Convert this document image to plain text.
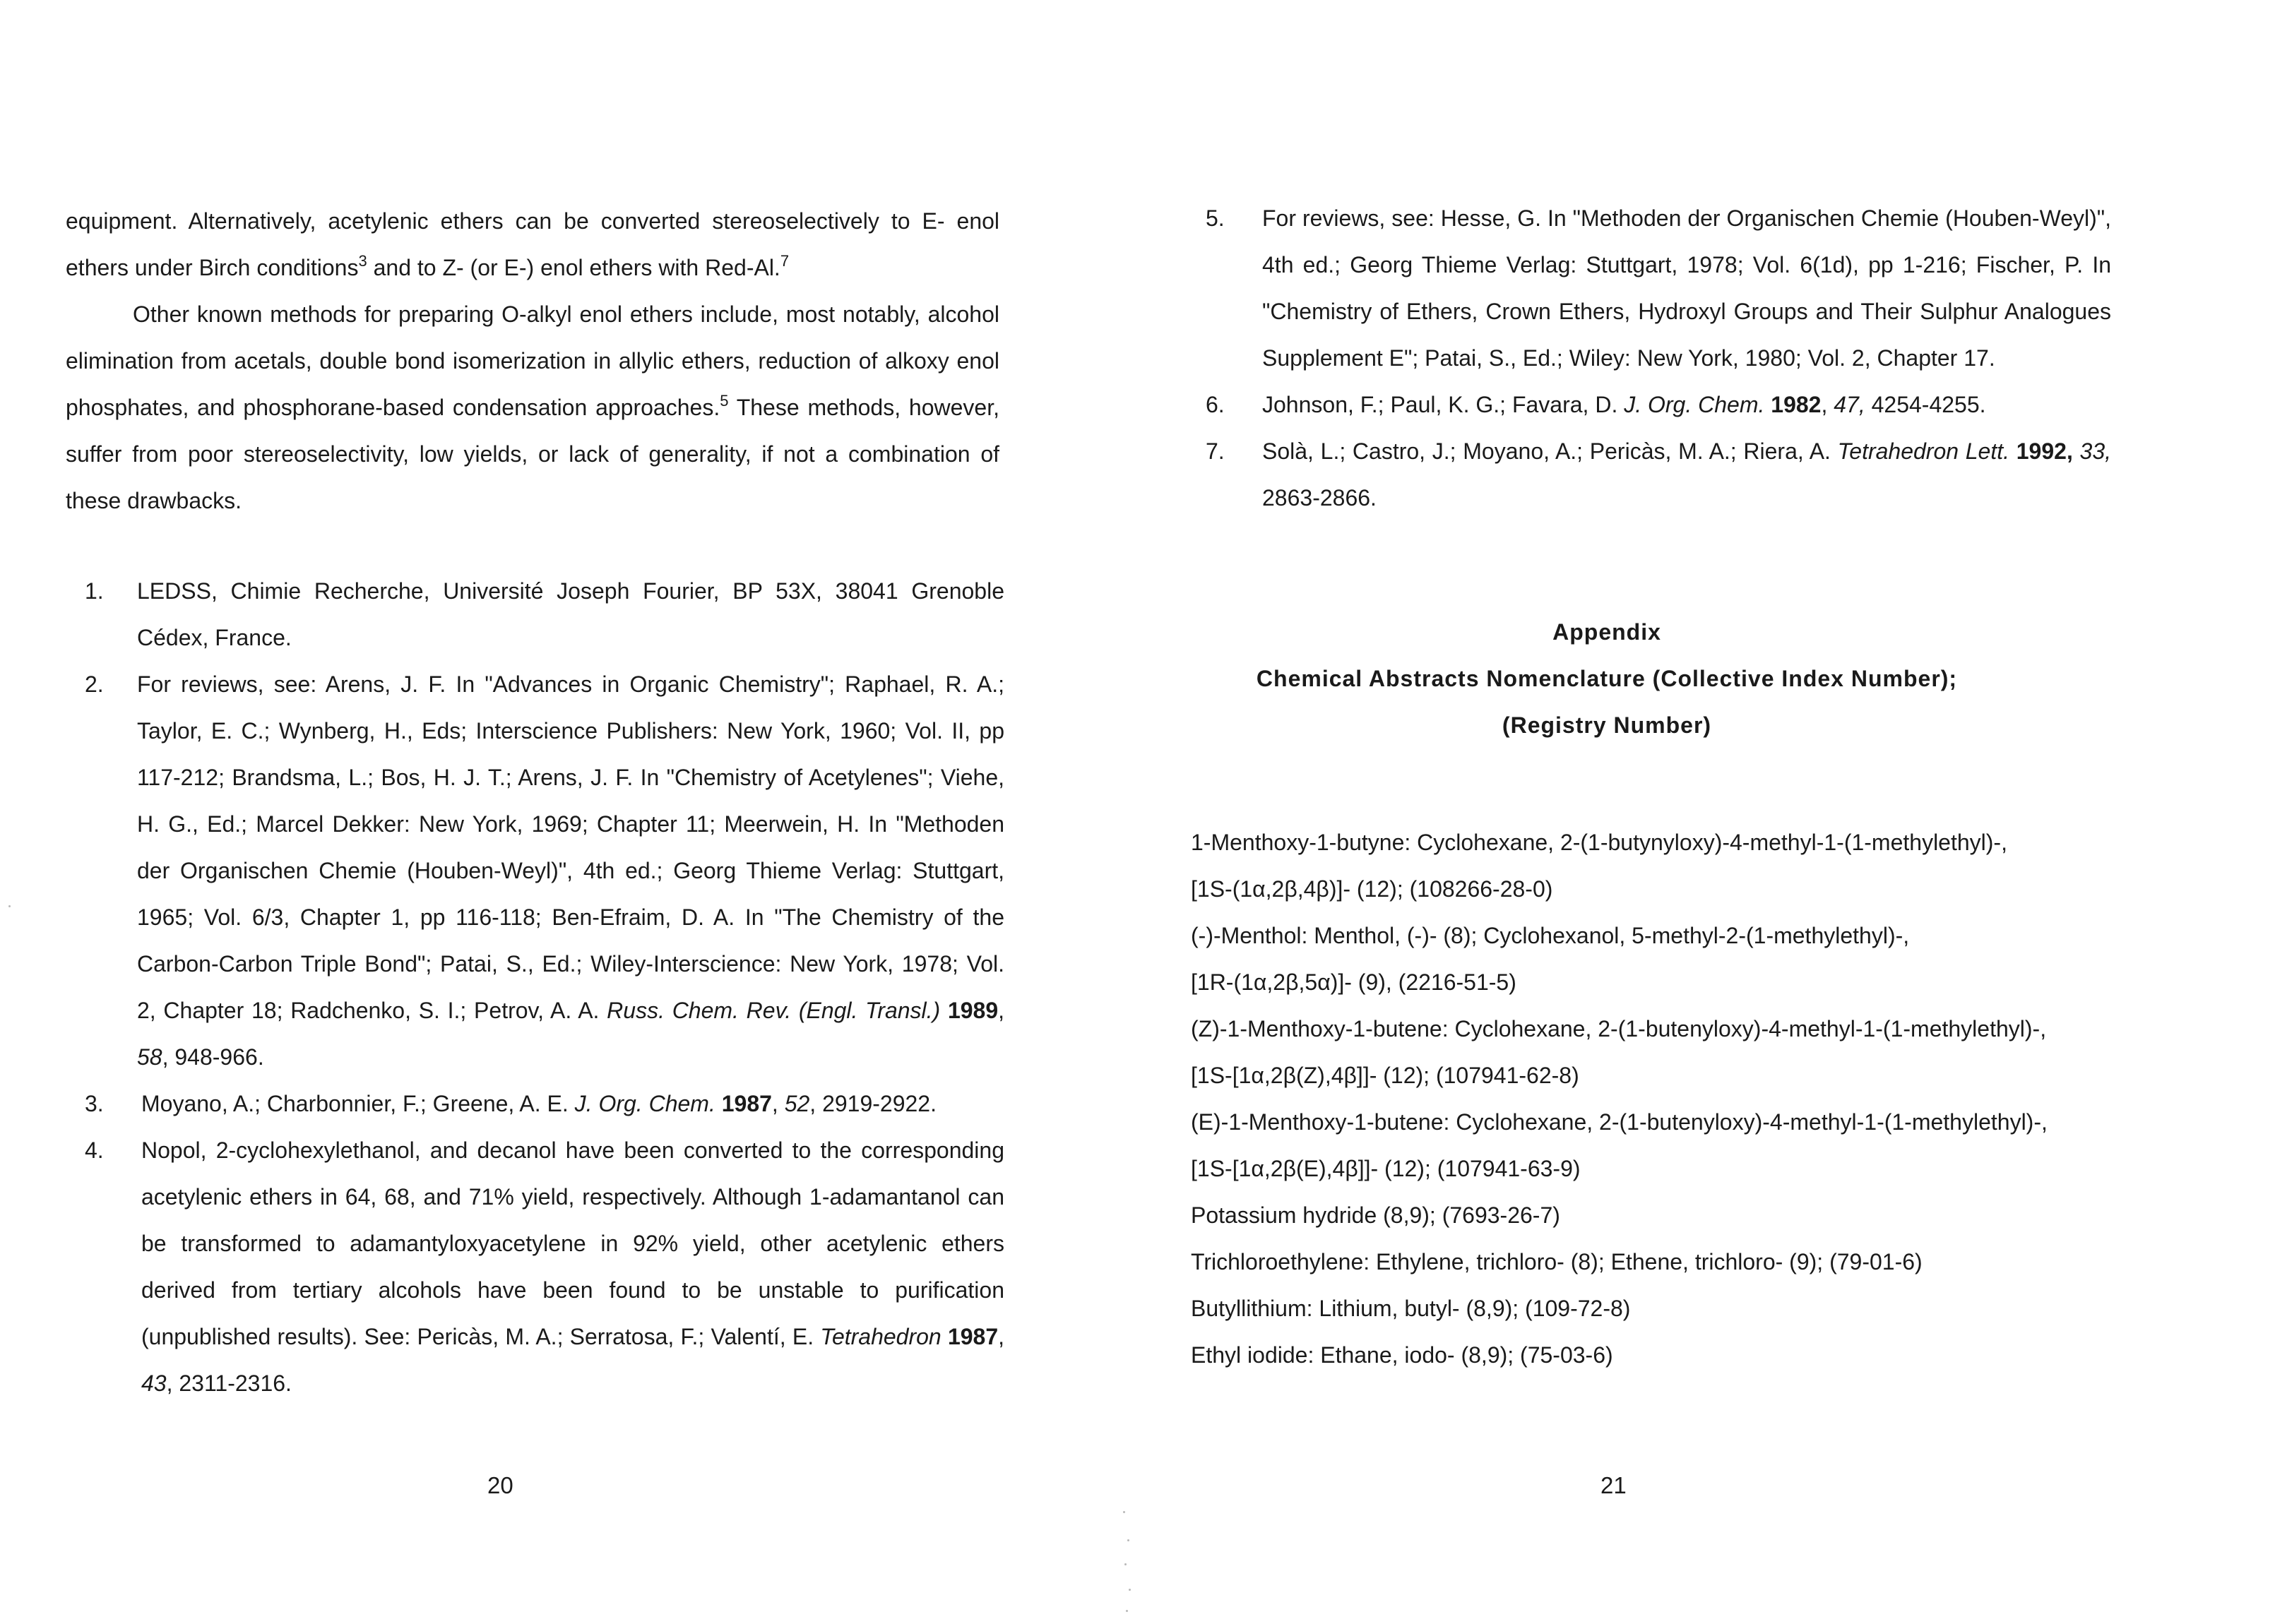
equipment. Alternatively, acetylenic ethers can be converted stereoselectively to E- enol ethers under Birch conditions$^3$ and to Z- (or E-) enol ethers with Red-Al.$^7$

Other known methods for preparing O-alkyl enol ethers include, most notably, alcohol elimination from acetals, double bond isomerization in allylic ethers, reduction of alkoxy enol phosphates, and phosphorane-based condensation approaches.$^5$ These methods, however, suffer from poor stereoselectivity, low yields, or lack of generality, if not a combination of these drawbacks.

1. LEDSS, Chimie Recherche, Université Joseph Fourier, BP 53X, 38041 Grenoble Cédex, France.
2. For reviews, see: Arens, J. F. In "Advances in Organic Chemistry"; Raphael, R. A.; Taylor, E. C.; Wynberg, H., Eds; Interscience Publishers: New York, 1960; Vol. II, pp 117-212; Brandsma, L.; Bos, H. J. T.; Arens, J. F. In "Chemistry of Acetylenes"; Viehe, H. G., Ed.; Marcel Dekker: New York, 1969; Chapter 11; Meerwein, H. In "Methoden der Organischen Chemie (Houben-Weyl)", 4th ed.; Georg Thieme Verlag: Stuttgart, 1965; Vol. 6/3, Chapter 1, pp 116-118; Ben-Efraim, D. A. In "The Chemistry of the Carbon-Carbon Triple Bond"; Patai, S., Ed.; Wiley-Interscience: New York, 1978; Vol. 2, Chapter 18; Radchenko, S. I.; Petrov, A. A. Russ. Chem. Rev. (Engl. Transl.) 1989, 58, 948-966.
3. Moyano, A.; Charbonnier, F.; Greene, A. E. J. Org. Chem. 1987, 52, 2919-2922.
4. Nopol, 2-cyclohexylethanol, and decanol have been converted to the corresponding acetylenic ethers in 64, 68, and 71% yield, respectively. Although 1-adamantanol can be transformed to adamantyloxyacetylene in 92% yield, other acetylenic ethers derived from tertiary alcohols have been found to be unstable to purification (unpublished results). See: Pericàs, M. A.; Serratosa, F.; Valentí, E. Tetrahedron 1987, 43, 2311-2316.
20
5. For reviews, see: Hesse, G. In "Methoden der Organischen Chemie (Houben-Weyl)", 4th ed.; Georg Thieme Verlag: Stuttgart, 1978; Vol. 6(1d), pp 1-216; Fischer, P. In "Chemistry of Ethers, Crown Ethers, Hydroxyl Groups and Their Sulphur Analogues Supplement E"; Patai, S., Ed.; Wiley: New York, 1980; Vol. 2, Chapter 17.
6. Johnson, F.; Paul, K. G.; Favara, D. J. Org. Chem. 1982, 47, 4254-4255.
7. Solà, L.; Castro, J.; Moyano, A.; Pericàs, M. A.; Riera, A. Tetrahedron Lett. 1992, 33, 2863-2866.
Appendix
Chemical Abstracts Nomenclature (Collective Index Number);
(Registry Number)
1-Menthoxy-1-butyne: Cyclohexane, 2-(1-butynyloxy)-4-methyl-1-(1-methylethyl)-,
[1S-(1α,2β,4β)]- (12); (108266-28-0)
(-)-Menthol: Menthol, (-)- (8); Cyclohexanol, 5-methyl-2-(1-methylethyl)-,
[1R-(1α,2β,5α)]- (9), (2216-51-5)
(Z)-1-Menthoxy-1-butene: Cyclohexane, 2-(1-butenyloxy)-4-methyl-1-(1-methylethyl)-,
[1S-[1α,2β(Z),4β]]- (12); (107941-62-8)
(E)-1-Menthoxy-1-butene: Cyclohexane, 2-(1-butenyloxy)-4-methyl-1-(1-methylethyl)-,
[1S-[1α,2β(E),4β]]- (12); (107941-63-9)
Potassium hydride (8,9); (7693-26-7)
Trichloroethylene: Ethylene, trichloro- (8); Ethene, trichloro- (9); (79-01-6)
Butyllithium: Lithium, butyl- (8,9); (109-72-8)
Ethyl iodide: Ethane, iodo- (8,9); (75-03-6)
21
